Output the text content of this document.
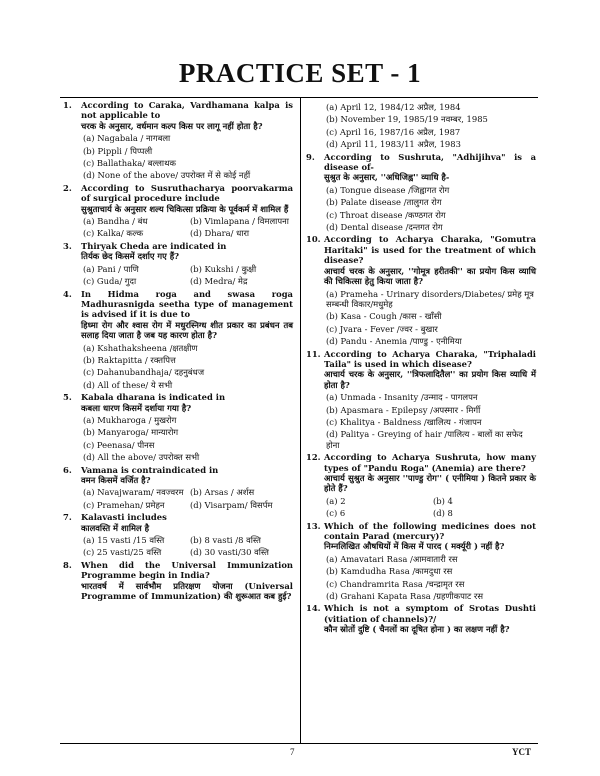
PRACTICE SET - 1
1. According to Caraka, Vardhamana kalpa is not applicable to
चरक के अनुसार, वर्धमान कल्प किस पर लागू नहीं होता है?
(a) Nagabala / नागबला
(b) Pippli / पिप्पली
(c) Ballathaka/ बल्लाथक
(d) None of the above/ उपरोक्त में से कोई नहीं
2. According to Susruthacharya poorvakarma of surgical procedure include
सुश्रुताचार्य के अनुसार शल्य चिकित्सा प्रक्रिया के पूर्वकर्म में शामिल हैं
(a) Bandha / बंध	(b) Vimlapana / विमलापना
(c) Kalka/ कल्क	(d) Dhara/ धारा
3. Thiryak Cheda are indicated in
तिर्यक छेद किसमें दर्शाए गए हैं?
(a) Pani / पाणि	(b) Kukshi / कुक्षी
(c) Guda/ गुदा	(d) Medra/ मेद्र
4. In Hidma roga and swasa roga Madhurasnigda seetha type of management is advised if it is due to
हिध्मा रोग और श्वास रोग में मधुरस्निग्ध शीत प्रकार का प्रबंधन तब सलाह दिया जाता है जब यह कारण होता है?
(a) Kshathaksheena /क्षतक्षीण
(b) Raktapitta / रक्तपित्त
(c) Dahanubandhaja/ दहनुबंधज
(d) All of these/ ये सभी
5. Kabala dharana is indicated in
कबला धारण किसमें दर्शाया गया है?
(a) Mukharoga / मुखरोग
(b) Manyaroga/ मान्यारोग
(c) Peenasa/ पीनस
(d) All the above/ उपरोक्त सभी
6. Vamana is contraindicated in
वमन किसमें वर्जित है?
(a) Navajwaram/ नवज्वरम (b) Arsas / अर्शस
(c) Pramehan/ प्रमेहन	(d) Visarpam/ विसर्पम
7. Kalavasti includes
कालवस्ति में शामिल है
(a) 15 vasti /15 वस्ति	(b) 8 vasti /8 वस्ति
(c) 25 vasti/25 वस्ति	(d) 30 vasti/30 वस्ति
8. When did the Universal Immunization Programme begin in India?
भारतवर्ष में सार्वभौम प्रतिरक्षण योजना (Universal Programme of Immunization) की शुरूआत कब हुई?
(a) April 12, 1984/12 अप्रैल, 1984
(b) November 19, 1985/19 नवम्बर, 1985
(c) April 16, 1987/16 अप्रैल, 1987
(d) April 11, 1983/11 अप्रैल, 1983
9. According to Sushruta, "Adhijihva" is a disease of-
सुश्रुत के अनुसार, ''अधिजिह्व'' व्याधि है-
(a) Tongue disease /जिह्वागत रोग
(b) Palate disease /तालुगत रोग
(c) Throat disease /कण्ठगत रोग
(d) Dental disease /दन्तगत रोग
10. According to Acharya Charaka, "Gomutra Haritaki" is used for the treatment of which disease?
आचार्य चरक के अनुसार, ''गोमूत्र हरीतकी'' का प्रयोग किस व्याधि की चिकित्सा हेतु किया जाता है?
(a) Prameha - Urinary disorders/Diabetes/ प्रमेह मूत्र सम्बन्धी विकार/मधुमेह
(b) Kasa - Cough /कास - खाँसी
(c) Jvara - Fever /ज्वर - बुखार
(d) Pandu - Anemia /पाण्डु - एनीमिया
11. According to Acharya Charaka, "Triphaladi Taila" is used in which disease?
आचार्य चरक के अनुसार, ''त्रिफलादितैल'' का प्रयोग किस व्याधि में होता है?
(a) Unmada - Insanity /उन्माद - पागलपन
(b) Apasmara - Epilepsy /अपस्मार - मिर्गी
(c) Khalitya - Baldness /खालित्य - गंजापन
(d) Palitya - Greying of hair /पालित्य - बालों का सफेद होना
12. According to Acharya Sushruta, how many types of "Pandu Roga" (Anemia) are there?
आचार्य सुश्रुत के अनुसार ''पाण्डु रोग'' ( एनीमिया ) कितने प्रकार के होते हैं?
(a) 2	(b) 4
(c) 6	(d) 8
13. Which of the following medicines does not contain Parad (mercury)?
निम्नलिखित औषधियों में किस में पारद ( मर्क्यूरी ) नहीं है?
(a) Amavatari Rasa /आमवातारी रस
(b) Kamdudha Rasa /कामदुधा रस
(c) Chandramrita Rasa /चन्द्रामृत रस
(d) Grahani Kapata Rasa /ग्रहणीकपाट रस
14. Which is not a symptom of Srotas Dushti (vitiation of channels)?/
कौन स्रोतों दुष्टि ( चैनलों का दूषित होना ) का लक्षण नहीं है?
7	YCT
